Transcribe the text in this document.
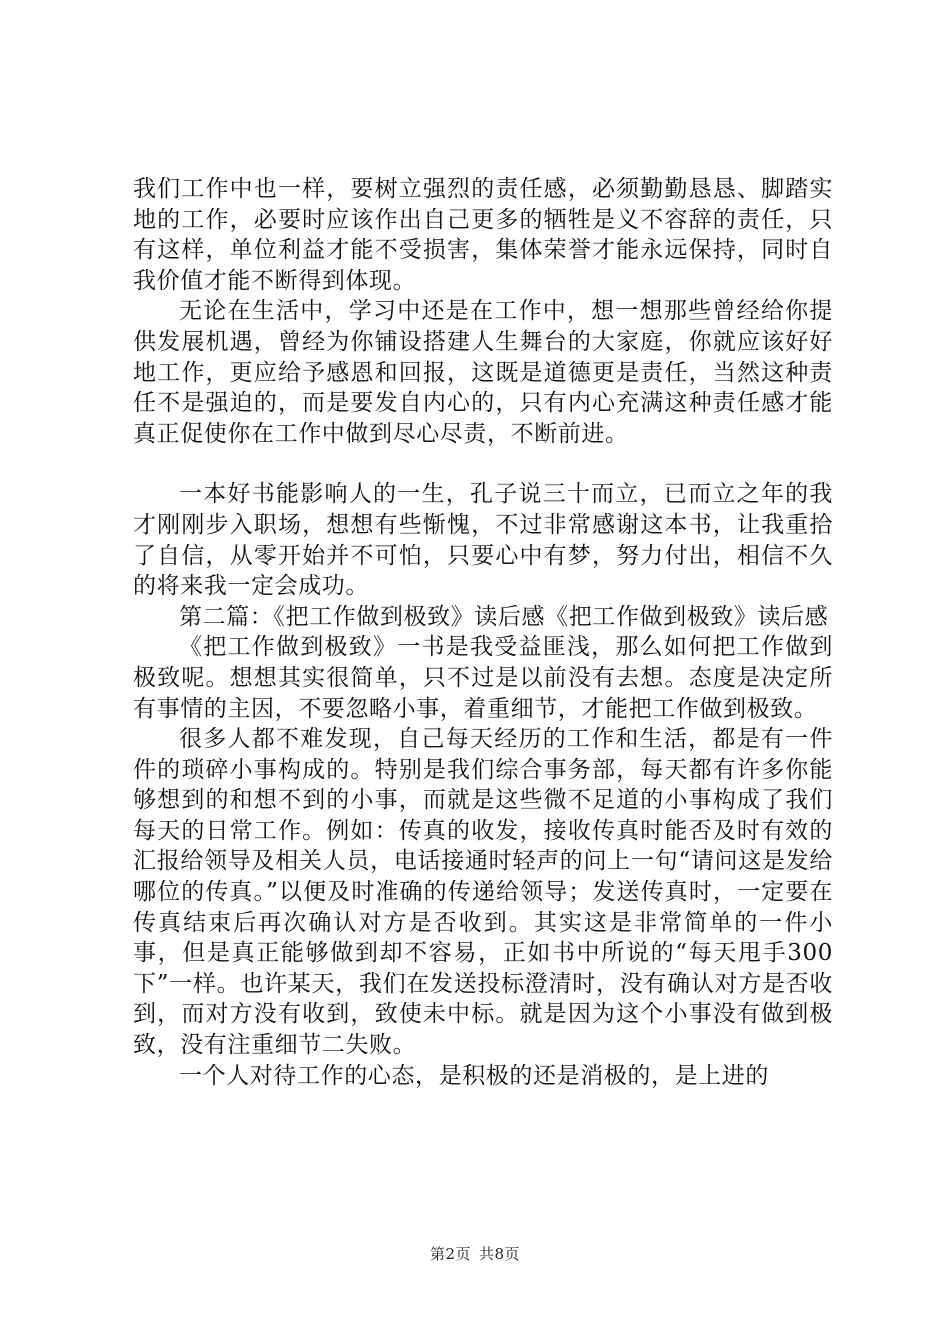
我们工作中也一样，要树立强烈的责任感，必须勤勤恳恳、脚踏实地的工作，必要时应该作出自己更多的牺牲是义不容辞的责任，只有这样，单位利益才能不受损害，集体荣誉才能永远保持，同时自我价值才能不断得到体现。

无论在生活中，学习中还是在工作中，想一想那些曾经给你提供发展机遇，曾经为你铺设搭建人生舞台的大家庭，你就应该好好地工作，更应给予感恩和回报，这既是道德更是责任，当然这种责任不是强迫的，而是要发自内心的，只有内心充满这种责任感才能真正促使你在工作中做到尽心尽责，不断前进。

一本好书能影响人的一生，孔子说三十而立，已而立之年的我才刚刚步入职场，想想有些惭愧，不过非常感谢这本书，让我重拾了自信，从零开始并不可怕，只要心中有梦，努力付出，相信不久的将来我一定会成功。

第二篇：《把工作做到极致》读后感《把工作做到极致》读后感

《把工作做到极致》一书是我受益匪浅，那么如何把工作做到极致呢。想想其实很简单，只不过是以前没有去想。态度是决定所有事情的主因，不要忽略小事，着重细节，才能把工作做到极致。

很多人都不难发现，自己每天经历的工作和生活，都是有一件件的琐碎小事构成的。特别是我们综合事务部，每天都有许多你能够想到的和想不到的小事，而就是这些微不足道的小事构成了我们每天的日常工作。例如：传真的收发，接收传真时能否及时有效的汇报给领导及相关人员，电话接通时轻声的问上一句“请问这是发给哪位的传真。”以便及时准确的传递给领导；发送传真时，一定要在传真结束后再次确认对方是否收到。其实这是非常简单的一件小事，但是真正能够做到却不容易，正如书中所说的“每天甩手300下”一样。也许某天，我们在发送投标澄清时，没有确认对方是否收到，而对方没有收到，致使未中标。就是因为这个小事没有做到极致，没有注重细节二失败。

一个人对待工作的心态，是积极的还是消极的，是上进的

第2页 共8页
